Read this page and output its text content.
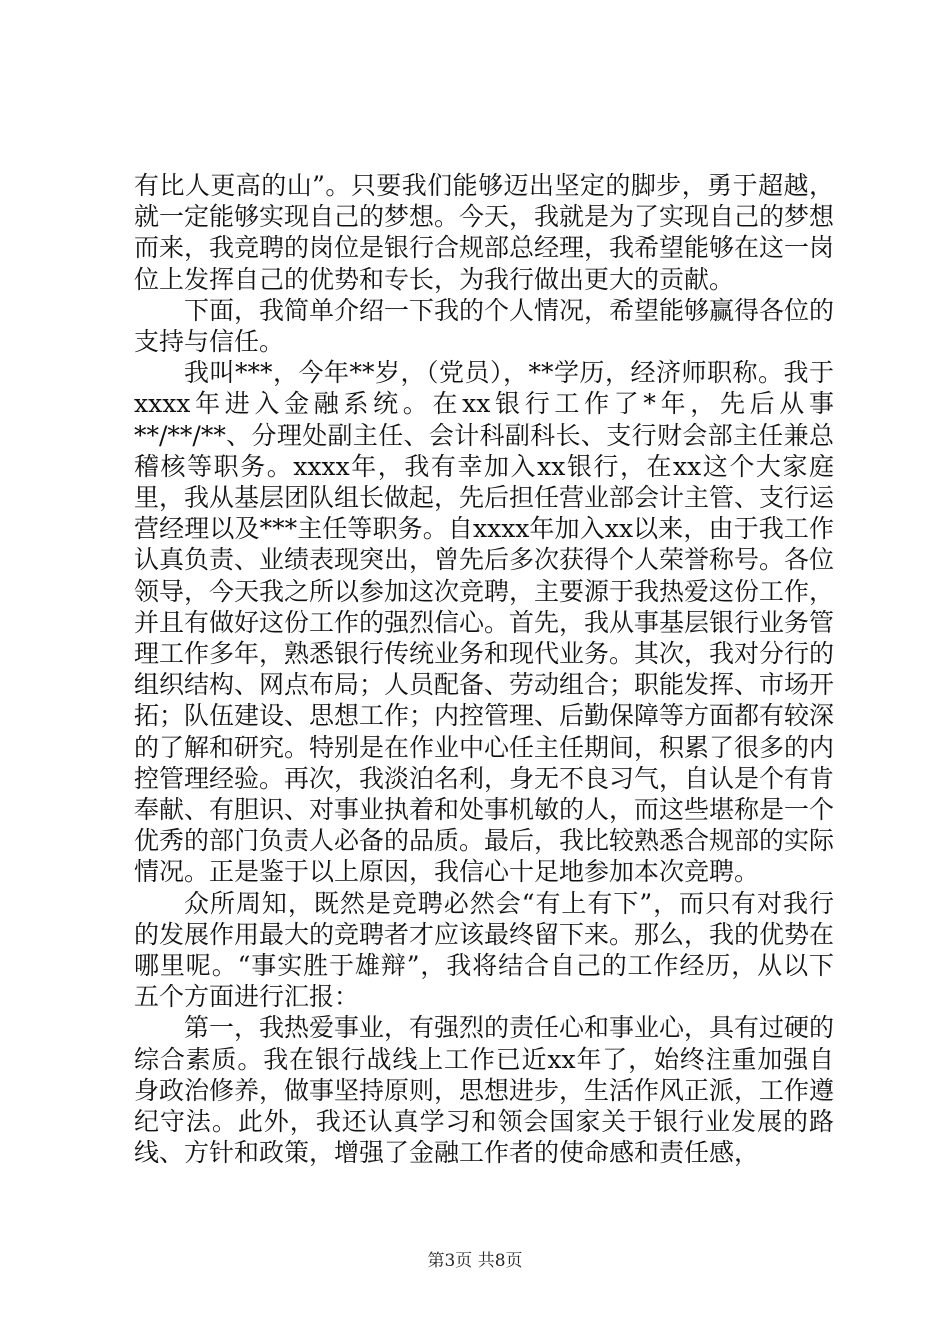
有比人更高的山”。只要我们能够迈出坚定的脚步，勇于超越，就一定能够实现自己的梦想。今天，我就是为了实现自己的梦想而来，我竞聘的岗位是银行合规部总经理，我希望能够在这一岗位上发挥自己的优势和专长，为我行做出更大的贡献。

下面，我简单介绍一下我的个人情况，希望能够赢得各位的支持与信任。

我叫***，今年**岁，（党员），**学历，经济师职称。我于xxxx年进入金融系统。在xx银行工作了*年，先后从事**/**/**、分理处副主任、会计科副科长、支行财会部主任兼总稽核等职务。xxxx年，我有幸加入xx银行，在xx这个大家庭里，我从基层团队组长做起，先后担任营业部会计主管、支行运营经理以及***主任等职务。自xxxx年加入xx以来，由于我工作认真负责、业绩表现突出，曾先后多次获得个人荣誉称号。各位领导，今天我之所以参加这次竞聘，主要源于我热爱这份工作，并且有做好这份工作的强烈信心。首先，我从事基层银行业务管理工作多年，熟悉银行传统业务和现代业务。其次，我对分行的组织结构、网点布局；人员配备、劳动组合；职能发挥、市场开拓；队伍建设、思想工作；内控管理、后勤保障等方面都有较深的了解和研究。特别是在作业中心任主任期间，积累了很多的内控管理经验。再次，我淡泊名利，身无不良习气，自认是个有肯奉献、有胆识、对事业执着和处事机敏的人，而这些堪称是一个优秀的部门负责人必备的品质。最后，我比较熟悉合规部的实际情况。正是鉴于以上原因，我信心十足地参加本次竞聘。

众所周知，既然是竞聘必然会“有上有下”，而只有对我行的发展作用最大的竞聘者才应该最终留下来。那么，我的优势在哪里呢。“事实胜于雄辩”，我将结合自己的工作经历，从以下五个方面进行汇报：

第一，我热爱事业，有强烈的责任心和事业心，具有过硬的综合素质。我在银行战线上工作已近xx年了，始终注重加强自身政治修养，做事坚持原则，思想进步，生活作风正派，工作遵纪守法。此外，我还认真学习和领会国家关于银行业发展的路线、方针和政策，增强了金融工作者的使命感和责任感，

第3页 共8页
